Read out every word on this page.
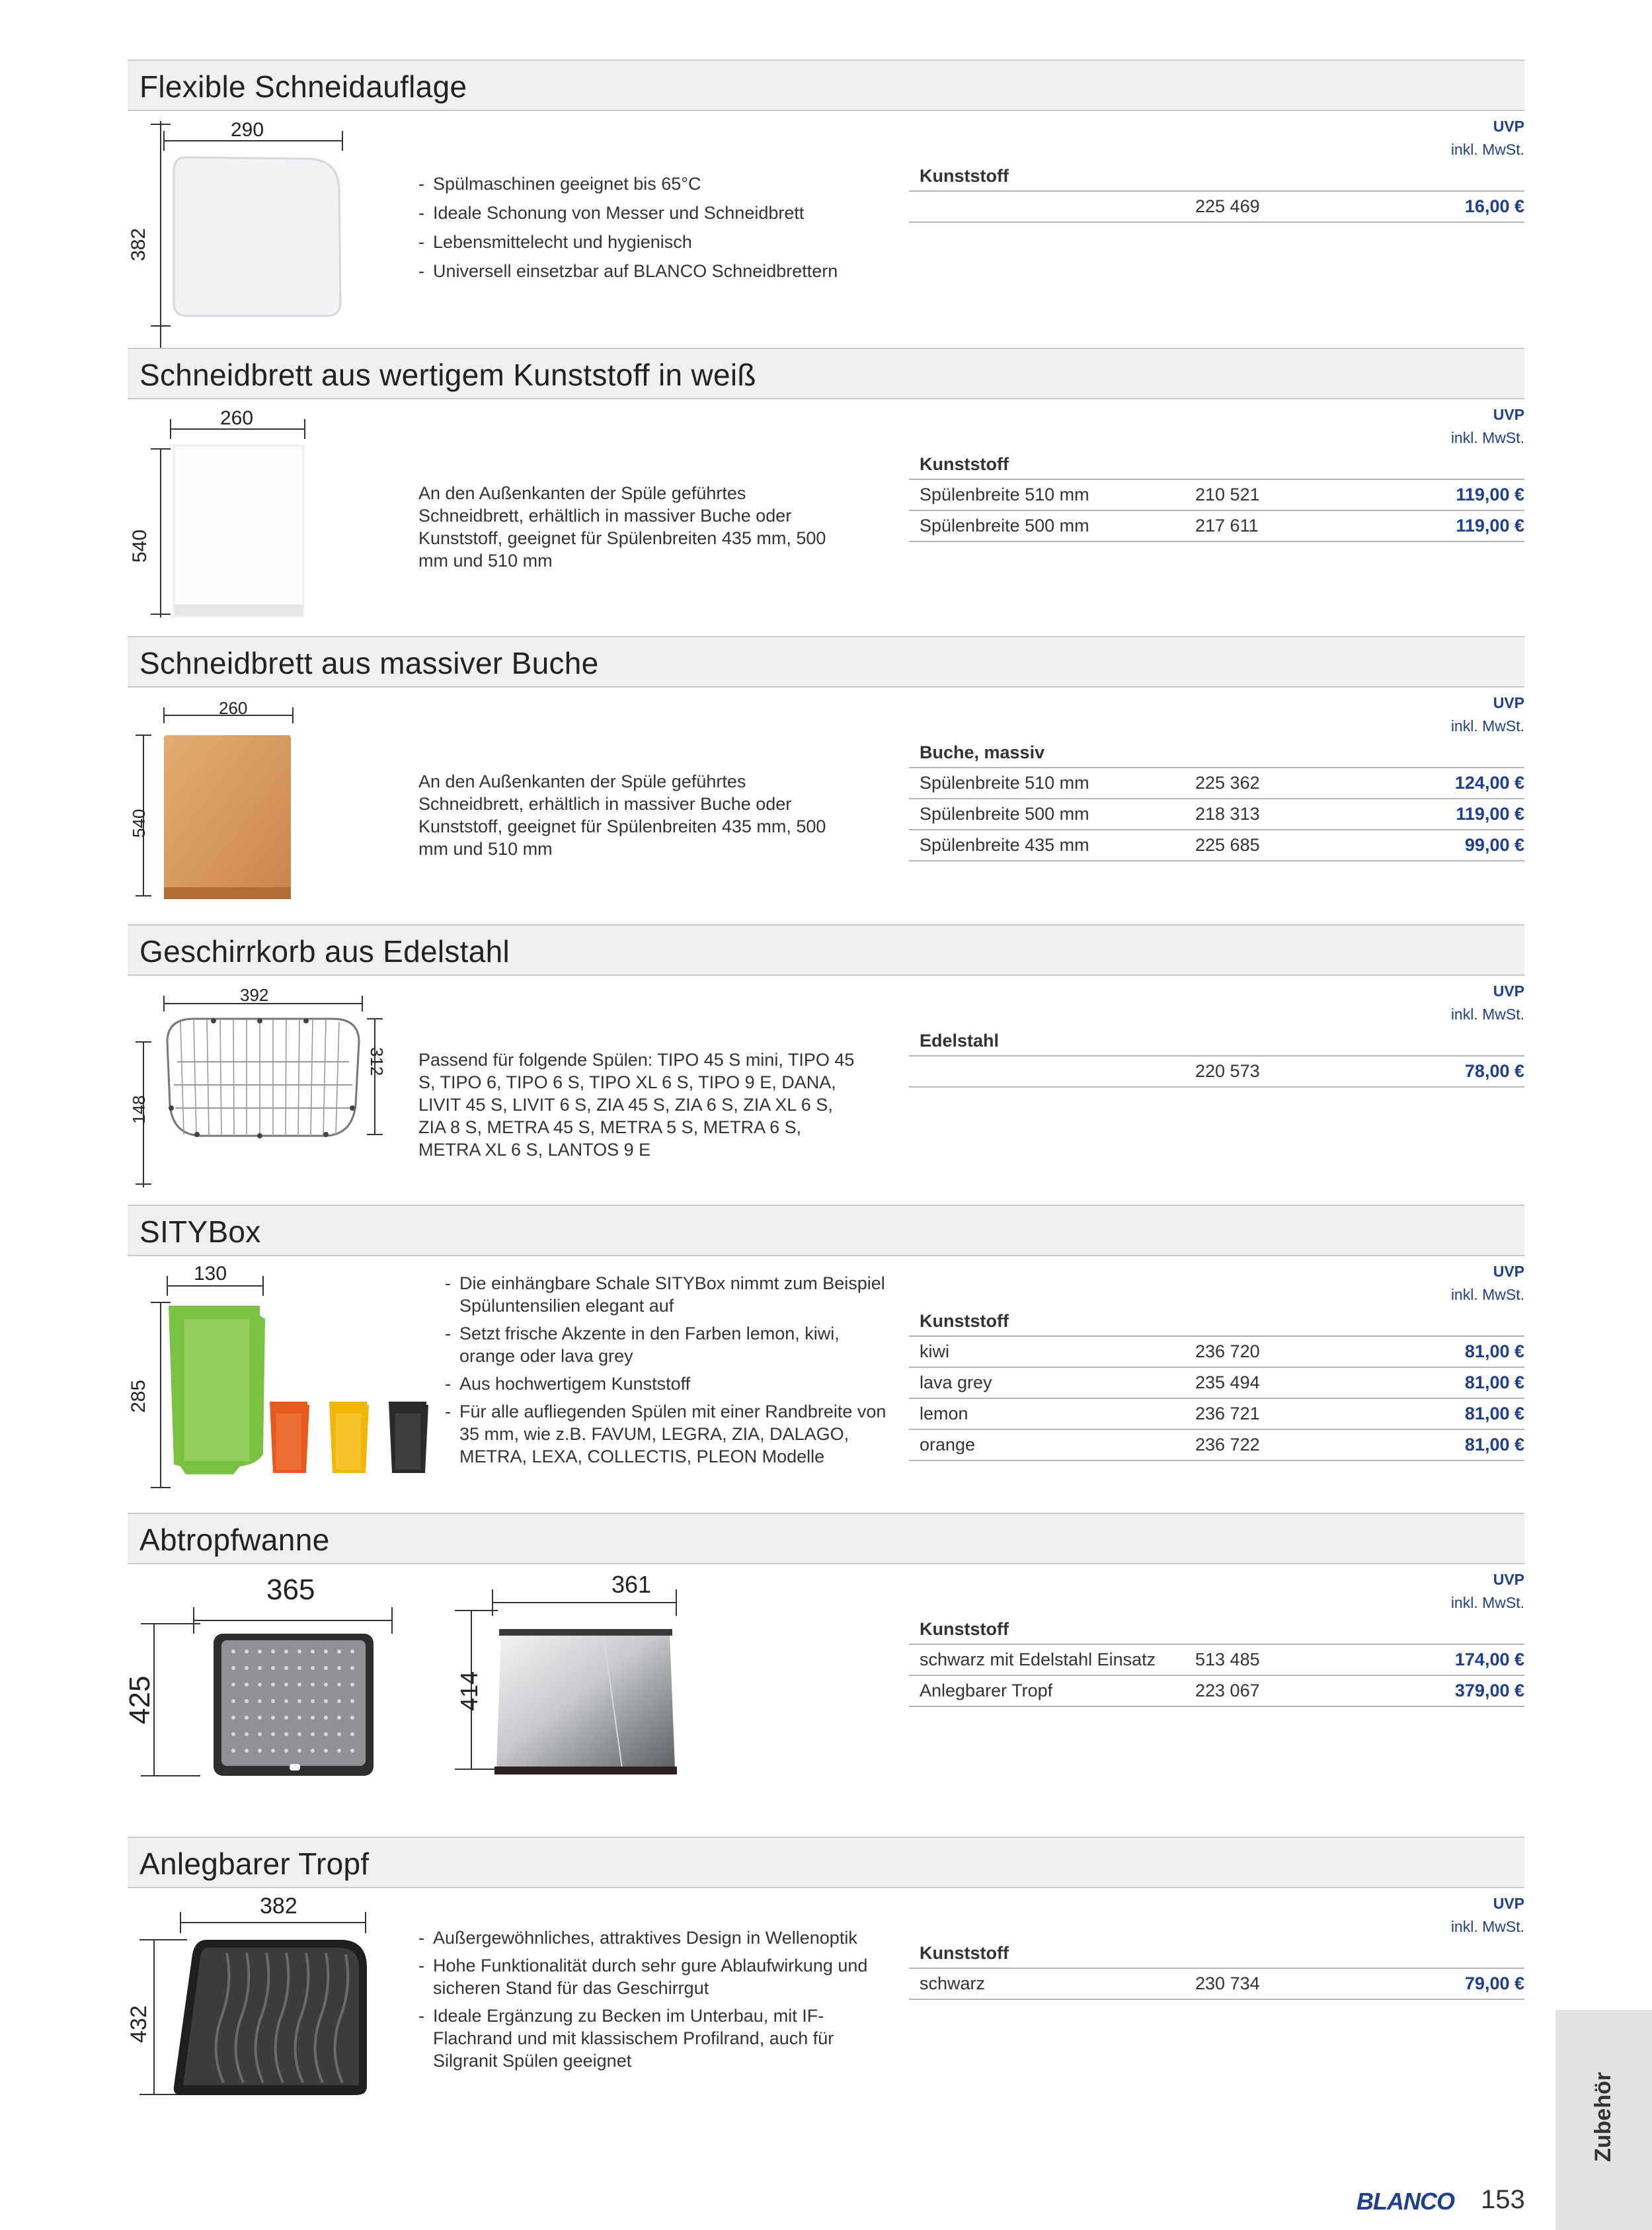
Flexible Schneidauflage
290
382
- Spülmaschinen geeignet bis 65°C
- Ideale Schonung von Messer und Schneidbrett
- Lebensmittelecht und hygienisch
- Universell einsetzbar auf BLANCO Schneidbrettern
UVP
inkl. MwSt.
Kunststoff
225 469	16,00 €
Schneidbrett aus wertigem Kunststoff in weiß
260
540
An den Außenkanten der Spüle geführtes Schneidbrett, erhältlich in massiver Buche oder Kunststoff, geeignet für Spülenbreiten 435 mm, 500 mm und 510 mm
UVP
inkl. MwSt.
Kunststoff
Spülenbreite 510 mm	210 521	119,00 €
Spülenbreite 500 mm	217 611	119,00 €
Schneidbrett aus massiver Buche
260
540
An den Außenkanten der Spüle geführtes Schneidbrett, erhältlich in massiver Buche oder Kunststoff, geeignet für Spülenbreiten 435 mm, 500 mm und 510 mm
UVP
inkl. MwSt.
Buche, massiv
Spülenbreite 510 mm	225 362	124,00 €
Spülenbreite 500 mm	218 313	119,00 €
Spülenbreite 435 mm	225 685	99,00 €
Geschirrkorb aus Edelstahl
392
148
312 Passend für folgende Spülen: TIPO 45 S mini, TIPO 45 S, TIPO 6, TIPO 6 S, TIPO XL 6 S, TIPO 9 E, DANA, LIVIT 45 S, LIVIT 6 S, ZIA 45 S, ZIA 6 S, ZIA XL 6 S, ZIA 8 S, METRA 45 S, METRA 5 S, METRA 6 S, METRA XL 6 S, LANTOS 9 E
UVP
inkl. MwSt.
Edelstahl
220 573	78,00 €
SITYBox
130
285
- Die einhängbare Schale SITYBox nimmt zum Beispiel Spüluntensilien elegant auf
- Setzt frische Akzente in den Farben lemon, kiwi, orange oder lava grey
- Aus hochwertigem Kunststoff
- Für alle aufliegenden Spülen mit einer Randbreite von 35 mm, wie z.B. FAVUM, LEGRA, ZIA, DALAGO, METRA, LEXA, COLLECTIS, PLEON Modelle
UVP
inkl. MwSt.
Kunststoff
kiwi	236 720	81,00 €
lava grey	235 494	81,00 €
lemon	236 721	81,00 €
orange	236 722	81,00 €
Abtropfwanne
365
425
361
414
UVP
inkl. MwSt.
Kunststoff
schwarz mit Edelstahl Einsatz 513 485	174,00 €
Anlegbarer Tropf	223 067	379,00 €
Anlegbarer Tropf
382
432
- Außergewöhnliches, attraktives Design in Wellenoptik
- Hohe Funktionalität durch sehr gure Ablaufwirkung und sicheren Stand für das Geschirrgut
- Ideale Ergänzung zu Becken im Unterbau, mit IF-Flachrand und mit klassischem Profilrand, auch für Silgranit Spülen geeignet
UVP
inkl. MwSt.
Kunststoff
schwarz	230 734	79,00 €
Zubehör
BLANCO 153
